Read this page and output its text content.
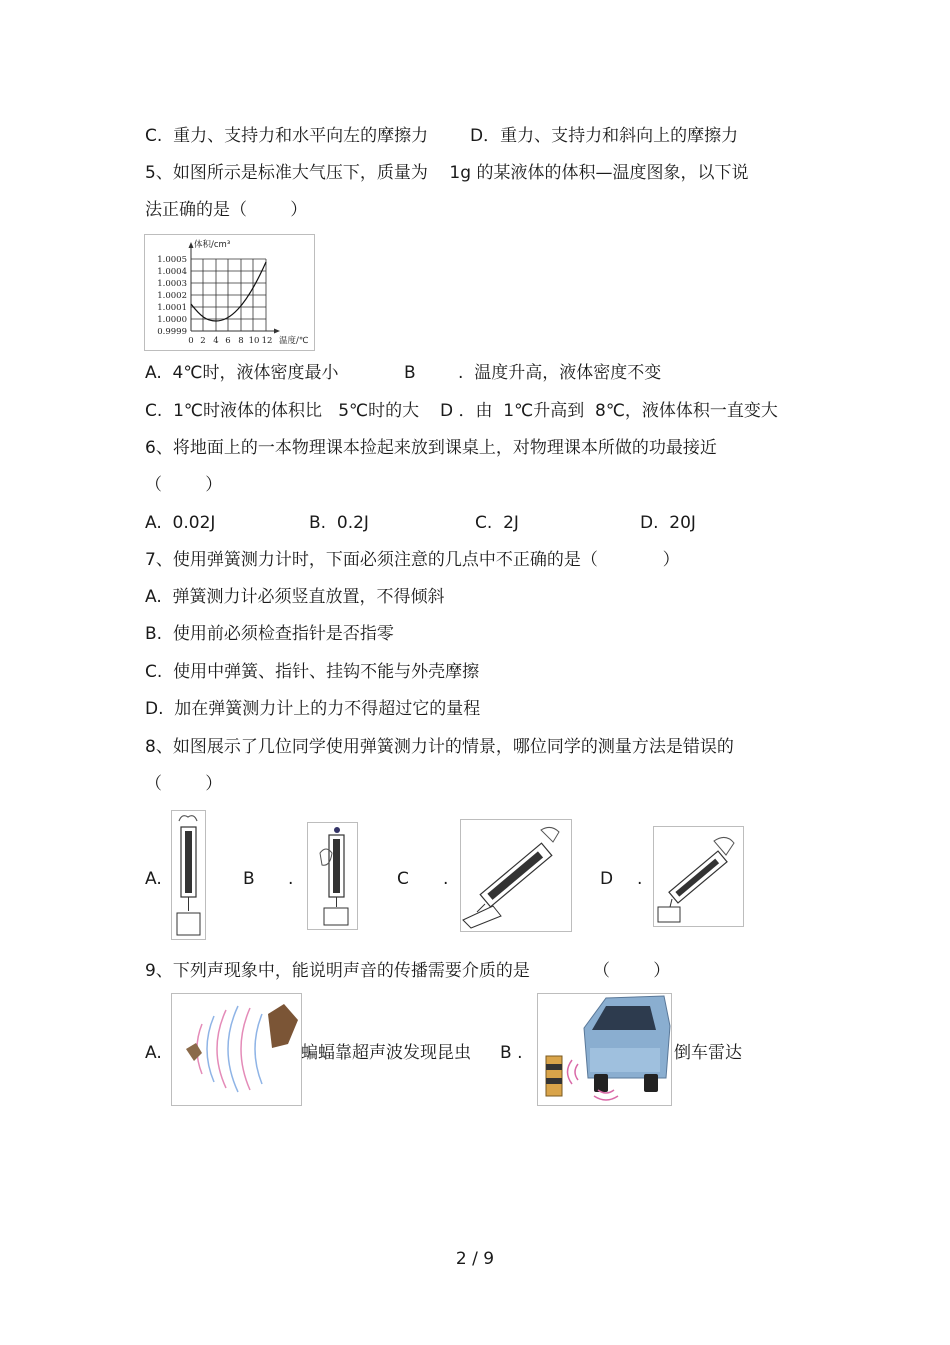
C.  重力、支持力和水平向左的摩擦力 D．重力、支持力和斜向上的摩擦力
5、如图所示是标准大气压下，质量为    1g 的某液体的体积—温度图象，以下说
法正确的是（        ）
1.0005
1.0004
1.0003
1.0002
1.0001
1.0000
0.9999
0 2 4 6 8 10 12
体积/cm³
温度/℃
A.  4℃时，液体密度最小	B .  温度升高，液体密度不变
C.  1℃时液体的体积比   5℃时的大 D ．由  1℃升高到  8℃，液体体积一直变大
6、将地面上的一本物理课本捡起来放到课桌上，对物理课本所做的功最接近
（        ）
A.  0.02J	B.  0.2J	C.  2J	D.  20J
7、使用弹簧测力计时，下面必须注意的几点中不正确的是（            ）
A.  弹簧测力计必须竖直放置，不得倾斜
B.  使用前必须检查指针是否指零
C.  使用中弹簧、指针、挂钩不能与外壳摩擦
D.  加在弹簧测力计上的力不得超过它的量程
8、如图展示了几位同学使用弹簧测力计的情景，哪位同学的测量方法是错误的
（        ）
A.	B .	C .	D .
9、下列声现象中，能说明声音的传播需要介质的是	（        ）
A.	蝙蝠靠超声波发现昆虫 B .	倒车雷达
2 / 9
